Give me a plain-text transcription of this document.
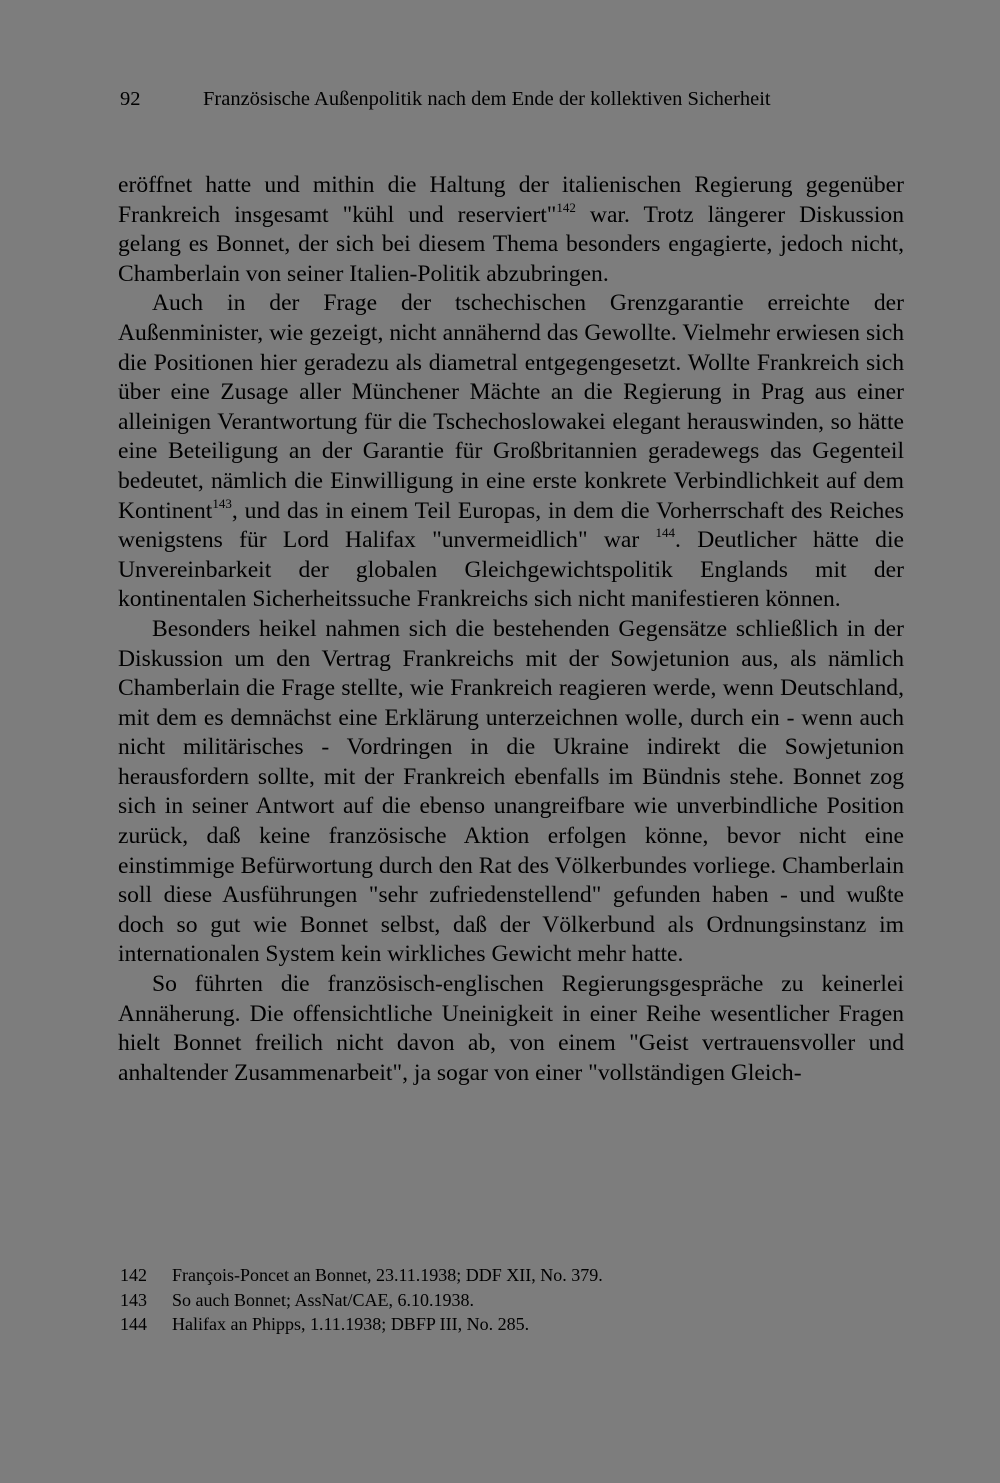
92	Französische Außenpolitik nach dem Ende der kollektiven Sicherheit

eröffnet hatte und mithin die Haltung der italienischen Regierung gegenüber Frankreich insgesamt "kühl und reserviert"$^{142}$ war. Trotz längerer Diskussion gelang es Bonnet, der sich bei diesem Thema besonders engagierte, jedoch nicht, Chamberlain von seiner Italien-Politik abzubringen.

Auch in der Frage der tschechischen Grenzgarantie erreichte der Außenminister, wie gezeigt, nicht annähernd das Gewollte. Vielmehr erwiesen sich die Positionen hier geradezu als diametral entgegengesetzt. Wollte Frankreich sich über eine Zusage aller Münchener Mächte an die Regierung in Prag aus einer alleinigen Verantwortung für die Tschechoslowakei elegant herauswinden, so hätte eine Beteiligung an der Garantie für Großbritannien geradewegs das Gegenteil bedeutet, nämlich die Einwilligung in eine erste konkrete Verbindlichkeit auf dem Kontinent$^{143}$, und das in einem Teil Europas, in dem die Vorherrschaft des Reiches wenigstens für Lord Halifax "unvermeidlich" war $^{144}$. Deutlicher hätte die Unvereinbarkeit der globalen Gleichgewichtspolitik Englands mit der kontinentalen Sicherheitssuche Frankreichs sich nicht manifestieren können.

Besonders heikel nahmen sich die bestehenden Gegensätze schließlich in der Diskussion um den Vertrag Frankreichs mit der Sowjetunion aus, als nämlich Chamberlain die Frage stellte, wie Frankreich reagieren werde, wenn Deutschland, mit dem es demnächst eine Erklärung unterzeichnen wolle, durch ein - wenn auch nicht militärisches - Vordringen in die Ukraine indirekt die Sowjetunion herausfordern sollte, mit der Frankreich ebenfalls im Bündnis stehe. Bonnet zog sich in seiner Antwort auf die ebenso unangreifbare wie unverbindliche Position zurück, daß keine französische Aktion erfolgen könne, bevor nicht eine einstimmige Befürwortung durch den Rat des Völkerbundes vorliege. Chamberlain soll diese Ausführungen "sehr zufriedenstellend" gefunden haben - und wußte doch so gut wie Bonnet selbst, daß der Völkerbund als Ordnungsinstanz im internationalen System kein wirkliches Gewicht mehr hatte.

So führten die französisch-englischen Regierungsgespräche zu keinerlei Annäherung. Die offensichtliche Uneinigkeit in einer Reihe wesentlicher Fragen hielt Bonnet freilich nicht davon ab, von einem "Geist vertrauensvoller und anhaltender Zusammenarbeit", ja sogar von einer "vollständigen Gleich-

142 François-Poncet an Bonnet, 23.11.1938; DDF XII, No. 379.
143 So auch Bonnet; AssNat/CAE, 6.10.1938.
144 Halifax an Phipps, 1.11.1938; DBFP III, No. 285.
